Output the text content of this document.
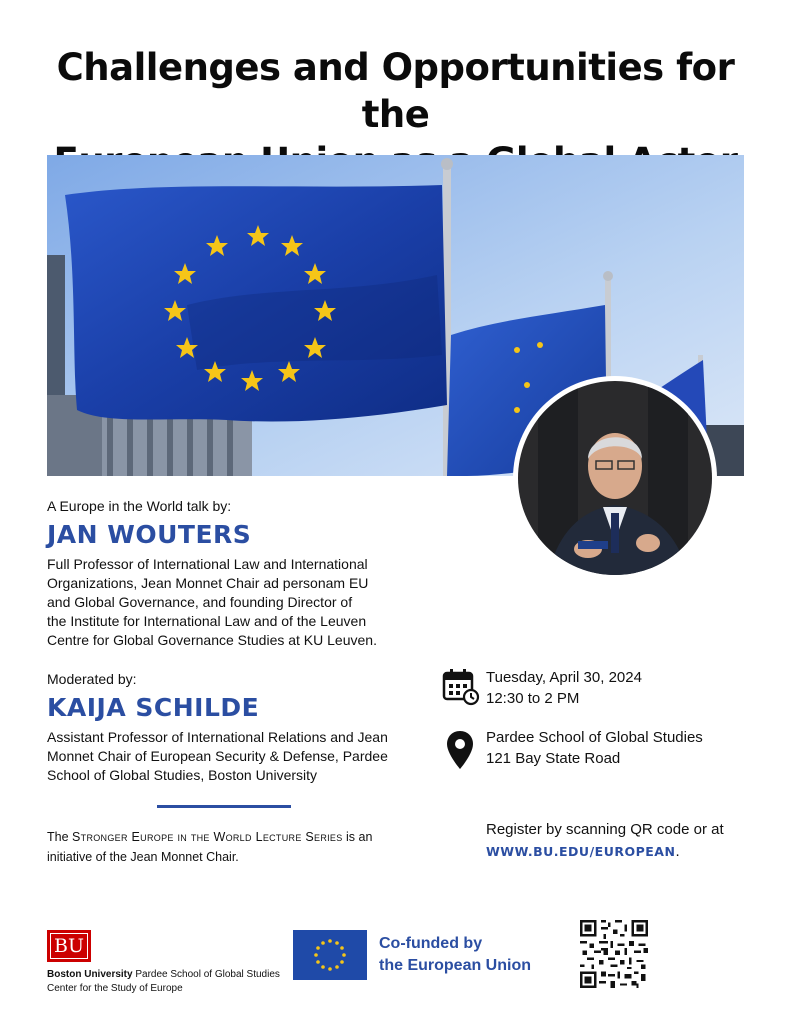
Challenges and Opportunities for the
A Europe in the World talk by:
JAN WOUTERS
Full Professor of International Law and International
Organizations, Jean Monnet Chair ad personam EU
and Global Governance, and founding Director of
the Institute for International Law and of the Leuven
Centre for Global Governance Studies at KU Leuven.
Moderated by:
KAIJA SCHILDE
Assistant Professor of International Relations and Jean
Monnet Chair of European Security & Defense, Pardee
School of Global Studies, Boston University
The Stronger Europe in the World Lecture Series is an
initiative of the Jean Monnet Chair.
Tuesday, April 30, 2024
12:30 to 2 PM
Pardee School of Global Studies
121 Bay State Road
Register by scanning QR code or at
WWW.BU.EDU/EUROPEAN.
BU
Boston University Pardee School of Global Studies
Center for the Study of Europe
Co-funded by
the European Union
